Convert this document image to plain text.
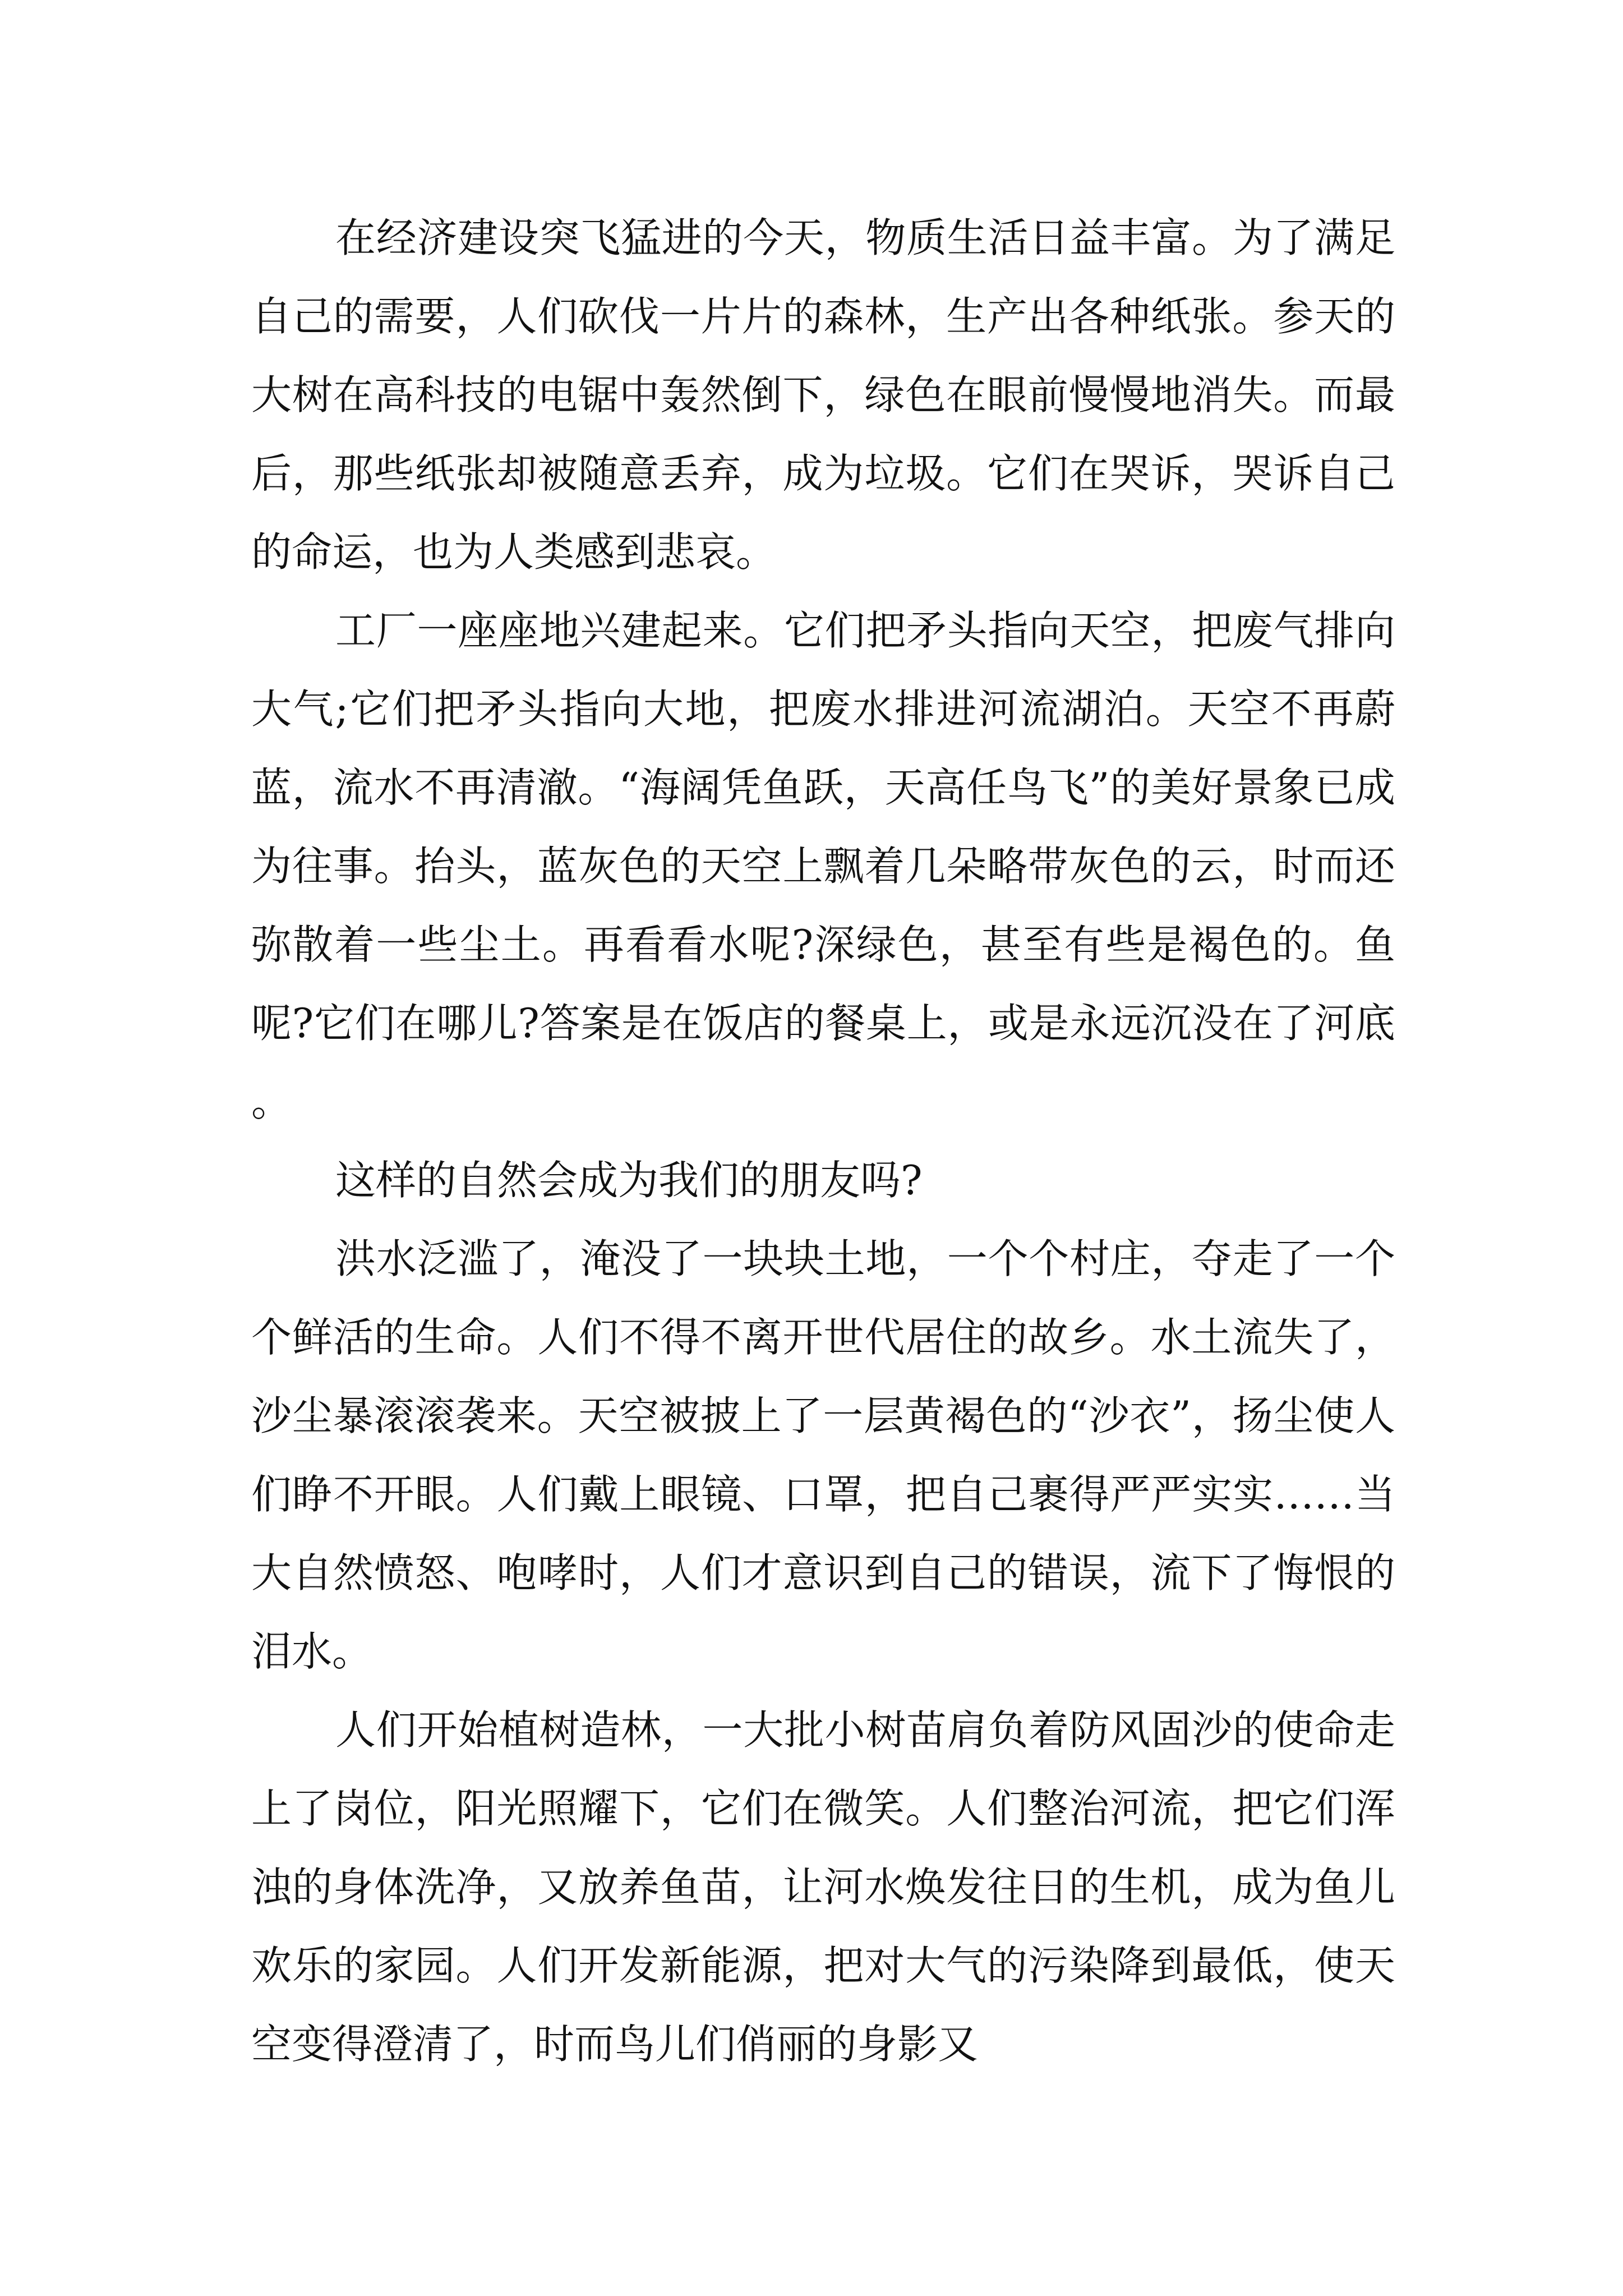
在经济建设突飞猛进的今天，物质生活日益丰富。为了满足自己的需要，人们砍伐一片片的森林，生产出各种纸张。参天的大树在高科技的电锯中轰然倒下，绿色在眼前慢慢地消失。而最后，那些纸张却被随意丢弃，成为垃圾。它们在哭诉，哭诉自己的命运，也为人类感到悲哀。

工厂一座座地兴建起来。它们把矛头指向天空，把废气排向大气;它们把矛头指向大地，把废水排进河流湖泊。天空不再蔚蓝，流水不再清澈。“海阔凭鱼跃，天高任鸟飞”的美好景象已成为往事。抬头，蓝灰色的天空上飘着几朵略带灰色的云，时而还弥散着一些尘土。再看看水呢?深绿色，甚至有些是褐色的。鱼呢?它们在哪儿?答案是在饭店的餐桌上，或是永远沉没在了河底。

这样的自然会成为我们的朋友吗?

洪水泛滥了，淹没了一块块土地，一个个村庄，夺走了一个个鲜活的生命。人们不得不离开世代居住的故乡。水土流失了，沙尘暴滚滚袭来。天空被披上了一层黄褐色的“沙衣”，扬尘使人们睁不开眼。人们戴上眼镜、口罩，把自己裹得严严实实……当大自然愤怒、咆哮时，人们才意识到自己的错误，流下了悔恨的泪水。

人们开始植树造林，一大批小树苗肩负着防风固沙的使命走上了岗位，阳光照耀下，它们在微笑。人们整治河流，把它们浑浊的身体洗净，又放养鱼苗，让河水焕发往日的生机，成为鱼儿欢乐的家园。人们开发新能源，把对大气的污染降到最低，使天空变得澄清了，时而鸟儿们俏丽的身影又
